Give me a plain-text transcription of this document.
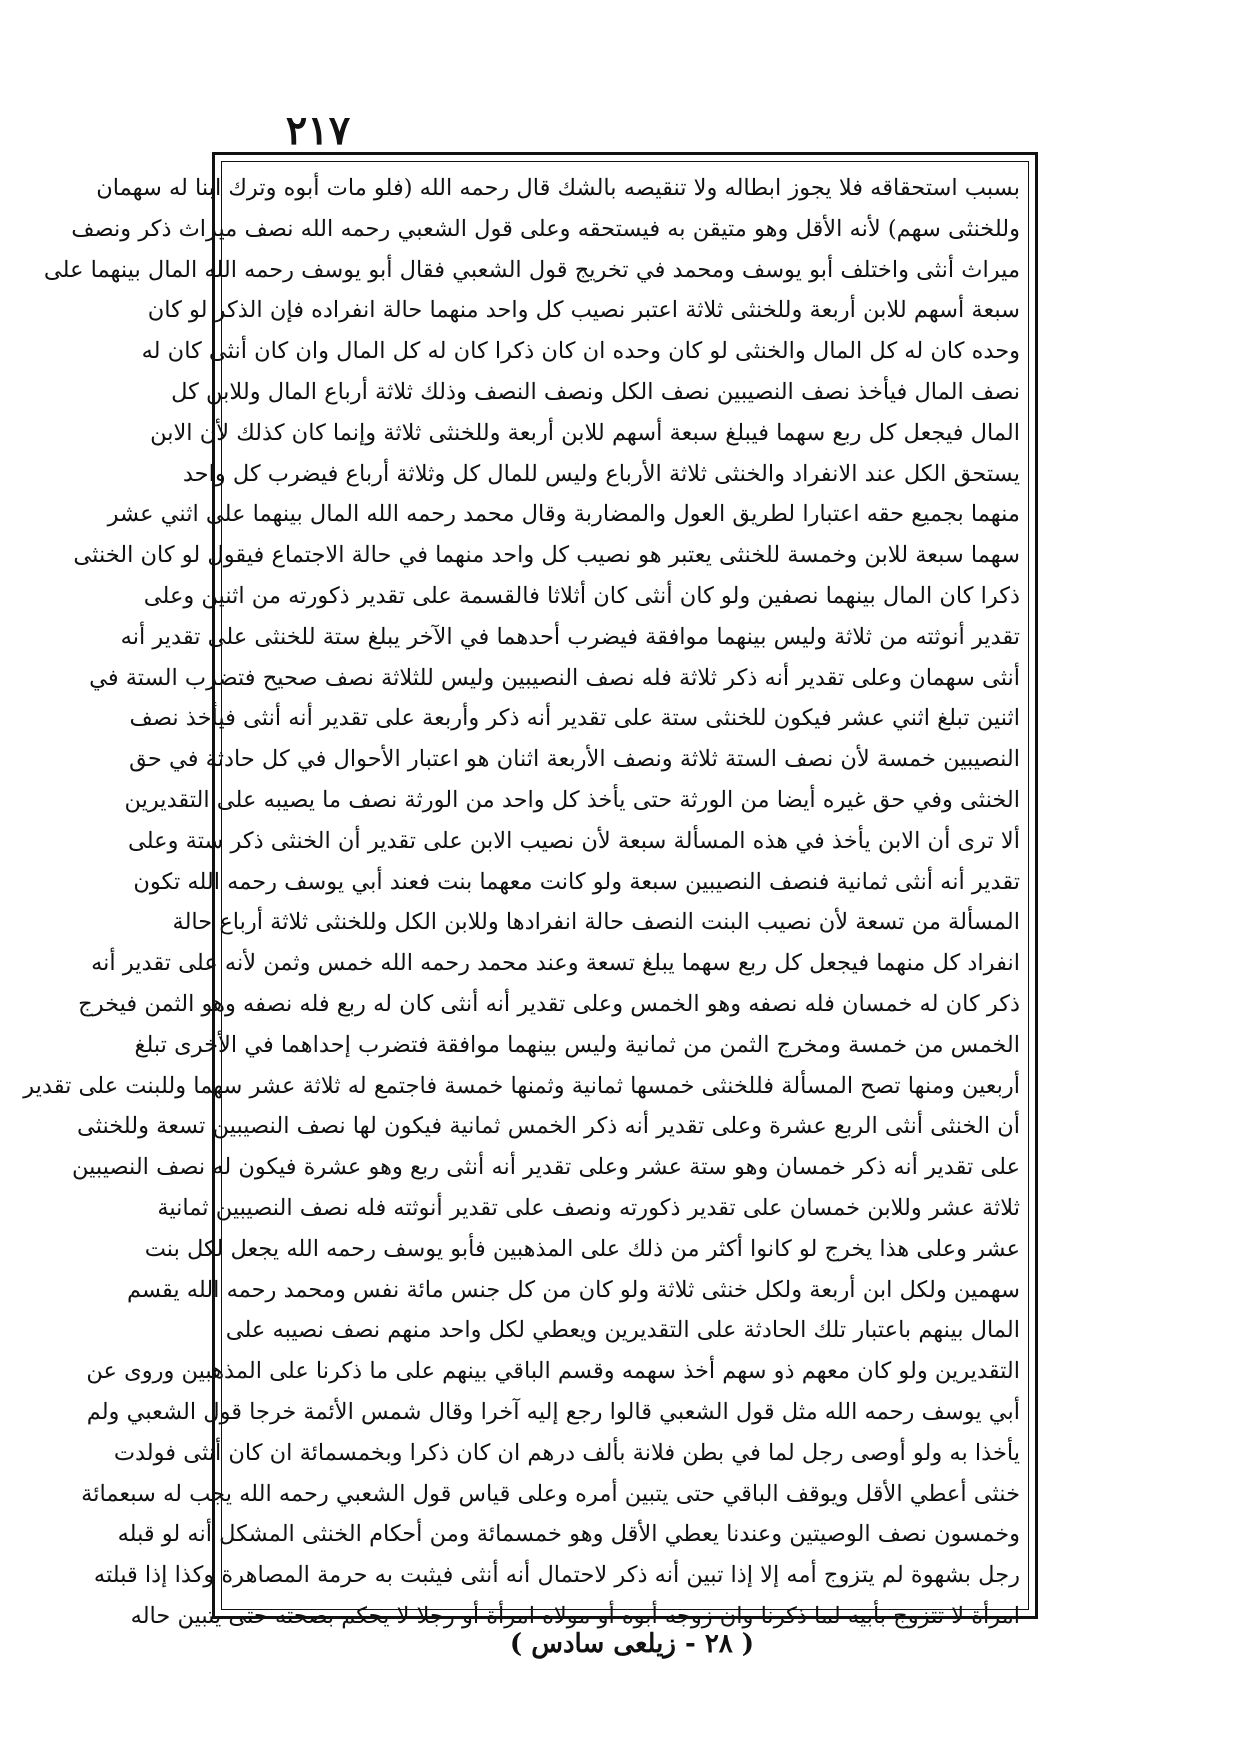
٢١٧
بسبب استحقاقه فلا يجوز ابطاله ولا تنقيصه بالشك قال رحمه الله (فلو مات أبوه وترك ابنا له سهمان
وللخنثى سهم) لأنه الأقل وهو متيقن به فيستحقه وعلى قول الشعبي رحمه الله نصف ميراث ذكر ونصف
ميراث أنثى واختلف أبو يوسف ومحمد في تخريج قول الشعبي فقال أبو يوسف رحمه الله المال بينهما على
سبعة أسهم للابن أربعة وللخنثى ثلاثة اعتبر نصيب كل واحد منهما حالة انفراده فإن الذكر لو كان
وحده كان له كل المال والخنثى لو كان وحده ان كان ذكرا كان له كل المال وان كان أنثى كان له
نصف المال فيأخذ نصف النصيبين نصف الكل ونصف النصف وذلك ثلاثة أرباع المال وللابن كل
المال فيجعل كل ربع سهما فيبلغ سبعة أسهم للابن أربعة وللخنثى ثلاثة وإنما كان كذلك لأن الابن
يستحق الكل عند الانفراد والخنثى ثلاثة الأرباع وليس للمال كل وثلاثة أرباع فيضرب كل واحد
منهما بجميع حقه اعتبارا لطريق العول والمضاربة وقال محمد رحمه الله المال بينهما على اثني عشر
سهما سبعة للابن وخمسة للخنثى يعتبر هو نصيب كل واحد منهما في حالة الاجتماع فيقول لو كان الخنثى
ذكرا كان المال بينهما نصفين ولو كان أنثى كان أثلاثا فالقسمة على تقدير ذكورته من اثنين وعلى
تقدير أنوثته من ثلاثة وليس بينهما موافقة فيضرب أحدهما في الآخر يبلغ ستة للخنثى على تقدير أنه
أنثى سهمان وعلى تقدير أنه ذكر ثلاثة فله نصف النصيبين وليس للثلاثة نصف صحيح فتضرب الستة في
اثنين تبلغ اثني عشر فيكون للخنثى ستة على تقدير أنه ذكر وأربعة على تقدير أنه أنثى فيأخذ نصف
النصيبين خمسة لأن نصف الستة ثلاثة ونصف الأربعة اثنان هو اعتبار الأحوال في كل حادثة في حق
الخنثى وفي حق غيره أيضا من الورثة حتى يأخذ كل واحد من الورثة نصف ما يصيبه على التقديرين
ألا ترى أن الابن يأخذ في هذه المسألة سبعة لأن نصيب الابن على تقدير أن الخنثى ذكر ستة وعلى
تقدير أنه أنثى ثمانية فنصف النصيبين سبعة ولو كانت معهما بنت فعند أبي يوسف رحمه الله تكون
المسألة من تسعة لأن نصيب البنت النصف حالة انفرادها وللابن الكل وللخنثى ثلاثة أرباع حالة
انفراد كل منهما فيجعل كل ربع سهما يبلغ تسعة وعند محمد رحمه الله خمس وثمن لأنه على تقدير أنه
ذكر كان له خمسان فله نصفه وهو الخمس وعلى تقدير أنه أنثى كان له ربع فله نصفه وهو الثمن فيخرج
الخمس من خمسة ومخرج الثمن من ثمانية وليس بينهما موافقة فتضرب إحداهما في الأخرى تبلغ
أربعين ومنها تصح المسألة فللخنثى خمسها ثمانية وثمنها خمسة فاجتمع له ثلاثة عشر سهما وللبنت على تقدير
أن الخنثى أنثى الربع عشرة وعلى تقدير أنه ذكر الخمس ثمانية فيكون لها نصف النصيبين تسعة وللخنثى
على تقدير أنه ذكر خمسان وهو ستة عشر وعلى تقدير أنه أنثى ربع وهو عشرة فيكون له نصف النصيبين
ثلاثة عشر وللابن خمسان على تقدير ذكورته ونصف على تقدير أنوثته فله نصف النصيبين ثمانية
عشر وعلى هذا يخرج لو كانوا أكثر من ذلك على المذهبين فأبو يوسف رحمه الله يجعل لكل بنت
سهمين ولكل ابن أربعة ولكل خنثى ثلاثة ولو كان من كل جنس مائة نفس ومحمد رحمه الله يقسم
المال بينهم باعتبار تلك الحادثة على التقديرين ويعطي لكل واحد منهم نصف نصيبه على
التقديرين ولو كان معهم ذو سهم أخذ سهمه وقسم الباقي بينهم على ما ذكرنا على المذهبين وروى عن
أبي يوسف رحمه الله مثل قول الشعبي قالوا رجع إليه آخرا وقال شمس الأئمة خرجا قول الشعبي ولم
يأخذا به ولو أوصى رجل لما في بطن فلانة بألف درهم ان كان ذكرا وبخمسمائة ان كان أنثى فولدت
خنثى أعطي الأقل ويوقف الباقي حتى يتبين أمره وعلى قياس قول الشعبي رحمه الله يجب له سبعمائة
وخمسون نصف الوصيتين وعندنا يعطي الأقل وهو خمسمائة ومن أحكام الخنثى المشكل أنه لو قبله
رجل بشهوة لم يتزوج أمه إلا إذا تبين أنه ذكر لاحتمال أنه أنثى فيثبت به حرمة المصاهرة وكذا إذا قبلته
امرأة لا تتزوج بأبيه لما ذكرنا وان زوجه أبوه أو مولاه امرأة أو رجلا لا يحكم بصحته حتى يتبين حاله
( ٢٨ - زيلعى سادس )
